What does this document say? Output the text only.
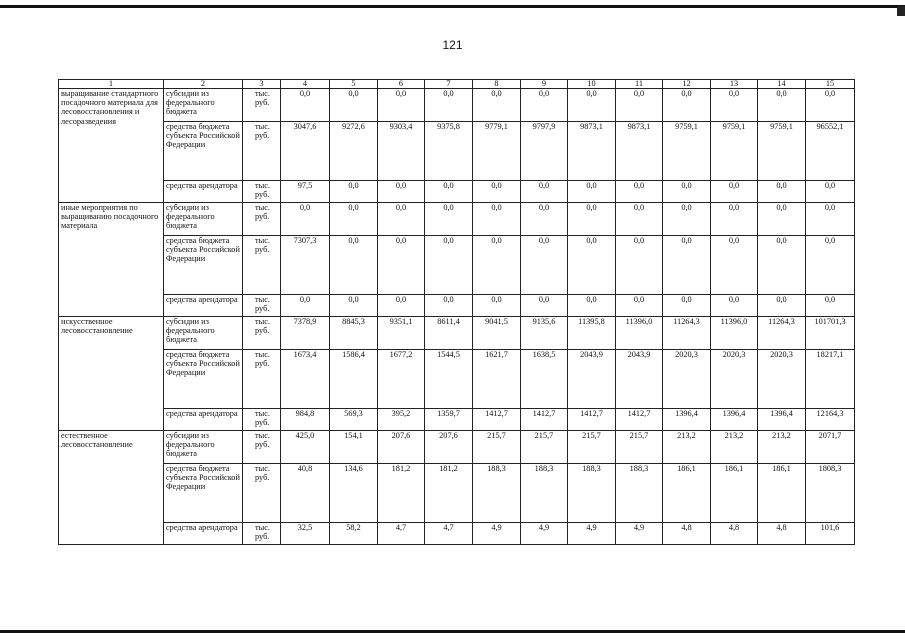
121
1	2	3	4	5	6	7	8	9	10	11	12	13	14	15
выращивание стандартного посадочного материала для лесовосстановления и лесоразведения	субсидии из федерального бюджета	тыс. руб.	0,0	0,0	0,0	0,0	0,0	0,0	0,0	0,0	0,0	0,0	0,0	0,0
	средства бюджета субъекта Российской Федерации	тыс. руб.	3047,6	9272,6	9303,4	9375,8	9779,1	9797,9	9873,1	9873,1	9759,1	9759,1	9759,1	96552,1
	средства арендатора	тыс. руб.	97,5	0,0	0,0	0,0	0,0	0,0	0,0	0,0	0,0	0,0	0,0	0,0
иные мероприятия по выращиванию посадочного материала	субсидии из федерального бюджета	тыс. руб.	0,0	0,0	0,0	0,0	0,0	0,0	0,0	0,0	0,0	0,0	0,0	0,0
	средства бюджета субъекта Российской Федерации	тыс. руб.	7307,3	0,0	0,0	0,0	0,0	0,0	0,0	0,0	0,0	0,0	0,0	0,0
	средства арендатора	тыс. руб.	0,0	0,0	0,0	0,0	0,0	0,0	0,0	0,0	0,0	0,0	0,0	0,0
искусственное лесовосстановление	субсидии из федерального бюджета	тыс. руб.	7378,9	8845,3	9351,1	8611,4	9041,5	9135,6	11395,8	11396,0	11264,3	11396,0	11264,3	101701,3
	средства бюджета субъекта Российской Федерации	тыс. руб.	1673,4	1586,4	1677,2	1544,5	1621,7	1638,5	2043,9	2043,9	2020,3	2020,3	2020,3	18217,1
	средства арендатора	тыс. руб.	984,8	569,3	395,2	1359,7	1412,7	1412,7	1412,7	1412,7	1396,4	1396,4	1396,4	12164,3
естественное лесовосстановление	субсидии из федерального бюджета	тыс. руб.	425,0	154,1	207,6	207,6	215,7	215,7	215,7	215,7	213,2	213,2	213,2	2071,7
	средства бюджета субъекта Российской Федерации	тыс. руб.	40,8	134,6	181,2	181,2	188,3	188,3	188,3	188,3	186,1	186,1	186,1	1808,3
	средства арендатора	тыс. руб.	32,5	58,2	4,7	4,7	4,9	4,9	4,9	4,9	4,8	4,8	4,8	101,6
